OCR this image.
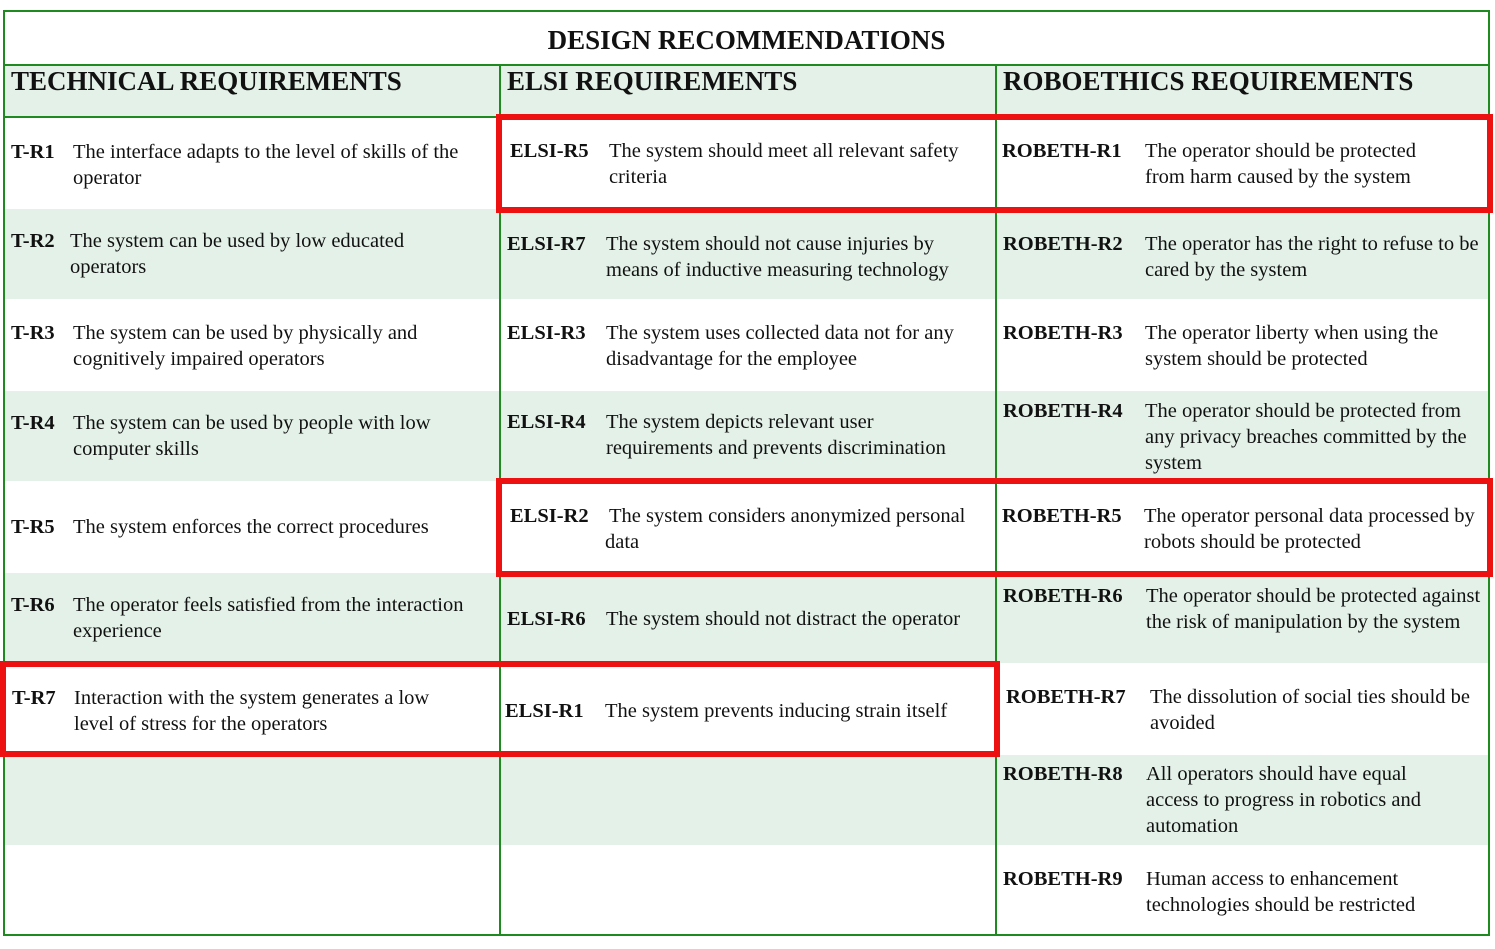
DESIGN RECOMMENDATIONS
TECHNICAL REQUIREMENTS	ELSI REQUIREMENTS	ROBOETHICS REQUIREMENTS
T-R1 The interface adapts to the level of skills of the operator
T-R2 The system can be used by low educated operators
T-R3 The system can be used by physically and cognitively impaired operators
T-R4 The system can be used by people with low computer skills
T-R5 The system enforces the correct procedures
T-R6 The operator feels satisfied from the interaction experience
T-R7 Interaction with the system generates a low level of stress for the operators
ELSI-R5 The system should meet all relevant safety criteria
ELSI-R7 The system should not cause injuries by means of inductive measuring technology
ELSI-R3 The system uses collected data not for any disadvantage for the employee
ELSI-R4 The system depicts relevant user requirements and prevents discrimination
ELSI-R2 The system considers anonymized personal data
ELSI-R6 The system should not distract the operator
ELSI-R1 The system prevents inducing strain itself
ROBETH-R1 The operator should be protected from harm caused by the system
ROBETH-R2 The operator has the right to refuse to be cared by the system
ROBETH-R3 The operator liberty when using the system should be protected
ROBETH-R4 The operator should be protected from any privacy breaches committed by the system
ROBETH-R5 The operator personal data processed by robots should be protected
ROBETH-R6 The operator should be protected against the risk of manipulation by the system
ROBETH-R7 The dissolution of social ties should be avoided
ROBETH-R8 All operators should have equal access to progress in robotics and automation
ROBETH-R9 Human access to enhancement technologies should be restricted
